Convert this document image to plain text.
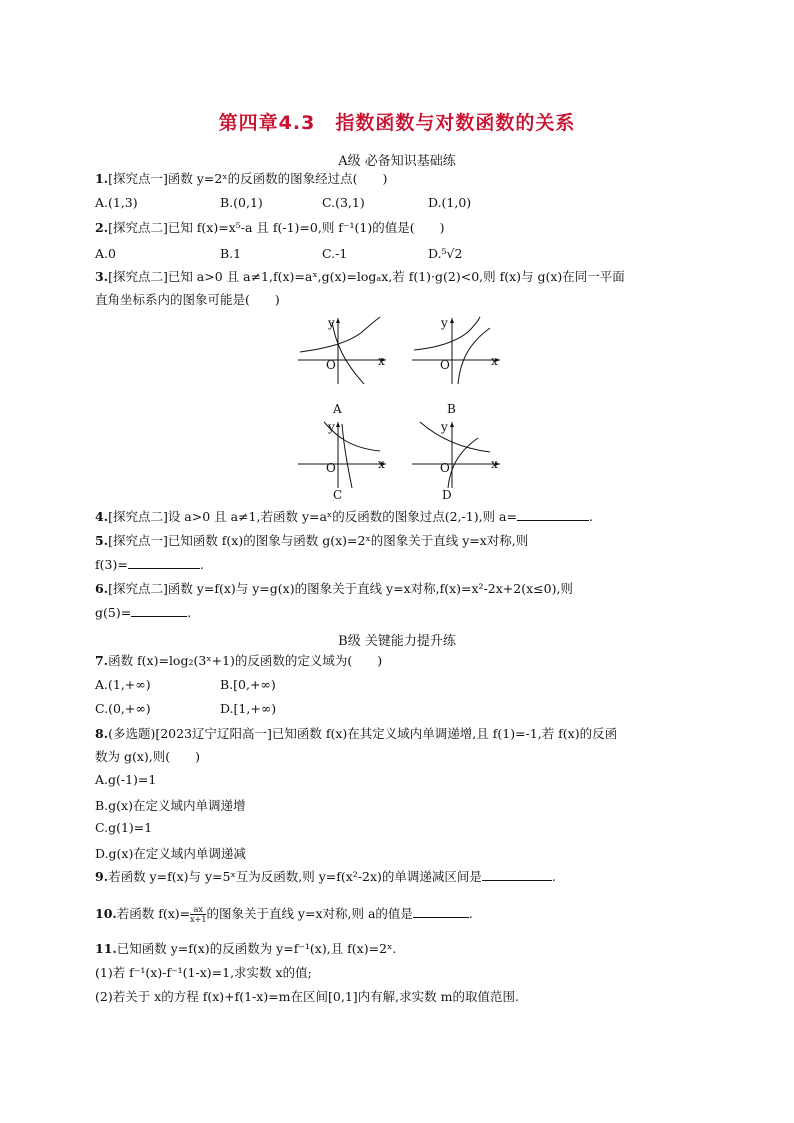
第四章4.3　指数函数与对数函数的关系
A级 必备知识基础练
1.[探究点一]函数 y=2ˣ的反函数的图象经过点(　　)
A.(1,3)	B.(0,1)	C.(3,1)	D.(1,0)
2.[探究点二]已知 f(x)=x⁵-a 且 f(-1)=0,则 f⁻¹(1)的值是(　　)
A.0	B.1	C.-1	D.⁵√2
3.[探究点二]已知 a>0 且 a≠1,f(x)=aˣ,g(x)=logₐx,若 f(1)·g(2)<0,则 f(x)与 g(x)在同一平面
直角坐标系内的图象可能是(　　)
y
O	x
A
y
O	x
B
y
O	x
C
y
O	x
D
4.[探究点二]设 a>0 且 a≠1,若函数 y=aˣ的反函数的图象过点(2,-1),则 a=	.
5.[探究点一]已知函数 f(x)的图象与函数 g(x)=2ˣ的图象关于直线 y=x对称,则
f(3)=	.
6.[探究点二]函数 y=f(x)与 y=g(x)的图象关于直线 y=x对称,f(x)=x²-2x+2(x≤0),则
g(5)=	.
B级 关键能力提升练
7.函数 f(x)=log₂(3ˣ+1)的反函数的定义域为(　　)
A.(1,+∞)	B.[0,+∞)
C.(0,+∞)	D.[1,+∞)
8.(多选题)[2023辽宁辽阳高一]已知函数 f(x)在其定义域内单调递增,且 f(1)=-1,若 f(x)的反函
数为 g(x),则(　　)
A.g(-1)=1
B.g(x)在定义域内单调递增
C.g(1)=1
D.g(x)在定义域内单调递减
9.若函数 y=f(x)与 y=5ˣ互为反函数,则 y=f(x²-2x)的单调递减区间是	.
10.若函数 $f(x)= \frac{ax}{x+1}$ 的图象关于直线 y=x对称,则 a的值是	.
11.已知函数 y=f(x)的反函数为 y=f⁻¹(x),且 f(x)=2ˣ.
(1)若 f⁻¹(x)-f⁻¹(1-x)=1,求实数 x的值;
(2)若关于 x的方程 f(x)+f(1-x)=m在区间[0,1]内有解,求实数 m的取值范围.
